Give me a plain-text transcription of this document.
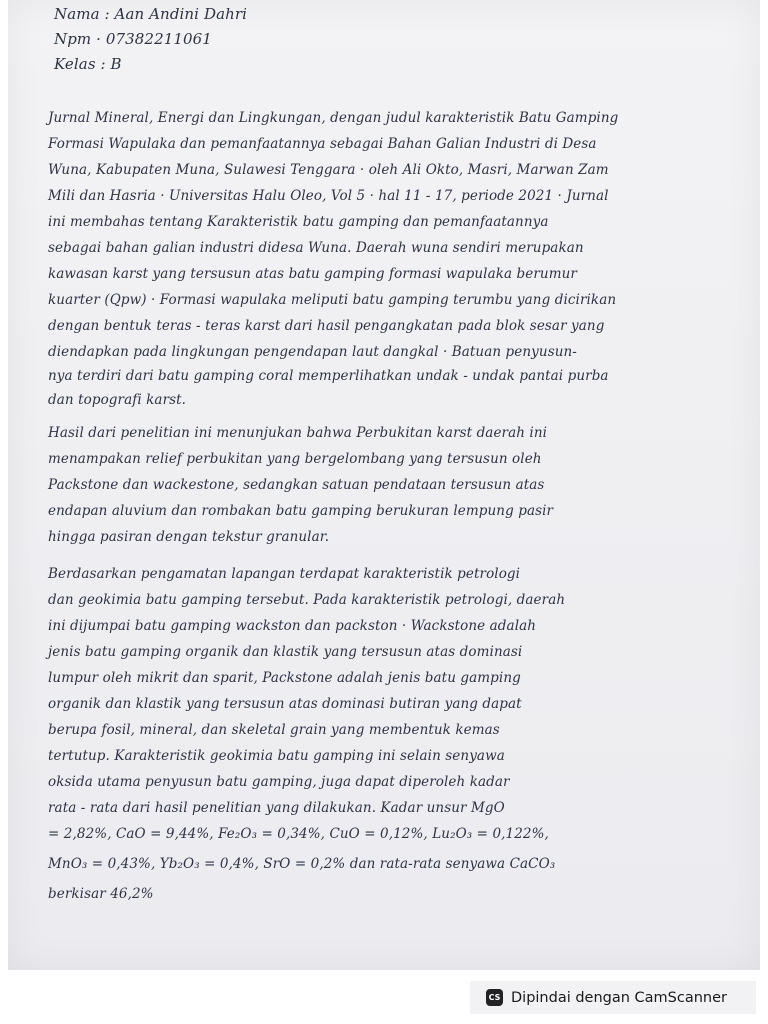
Nama : Aan Andini Dahri

Npm · 07382211061

Kelas : B

Jurnal Mineral, Energi dan Lingkungan, dengan judul karakteristik Batu Gamping

Formasi Wapulaka dan pemanfaatannya sebagai Bahan Galian Industri di Desa

Wuna, Kabupaten Muna, Sulawesi Tenggara · oleh Ali Okto, Masri, Marwan Zam

Mili dan Hasria · Universitas Halu Oleo, Vol 5 · hal 11 - 17, periode 2021 · Jurnal

ini membahas tentang Karakteristik batu gamping dan pemanfaatannya

sebagai bahan galian industri didesa Wuna. Daerah wuna sendiri merupakan

kawasan karst yang tersusun atas batu gamping formasi wapulaka berumur

kuarter (Qpw) · Formasi wapulaka meliputi batu gamping terumbu yang dicirikan

dengan bentuk teras - teras karst dari hasil pengangkatan pada blok sesar yang

diendapkan pada lingkungan pengendapan laut dangkal · Batuan penyusun-

nya terdiri dari batu gamping coral memperlihatkan undak - undak pantai purba

dan topografi karst.

Hasil dari penelitian ini menunjukan bahwa Perbukitan karst daerah ini

menampakan relief perbukitan yang bergelombang yang tersusun oleh

Packstone dan wackestone, sedangkan satuan pendataan tersusun atas

endapan aluvium dan rombakan batu gamping berukuran lempung pasir

hingga pasiran dengan tekstur granular.

Berdasarkan pengamatan lapangan terdapat karakteristik petrologi

dan geokimia batu gamping tersebut. Pada karakteristik petrologi, daerah

ini dijumpai batu gamping wackston dan packston · Wackstone adalah

jenis batu gamping organik dan klastik yang tersusun atas dominasi

lumpur oleh mikrit dan sparit, Packstone adalah jenis batu gamping

organik dan klastik yang tersusun atas dominasi butiran yang dapat

berupa fosil, mineral, dan skeletal grain yang membentuk kemas

tertutup. Karakteristik geokimia batu gamping ini selain senyawa

oksida utama penyusun batu gamping, juga dapat diperoleh kadar

rata - rata dari hasil penelitian yang dilakukan. Kadar unsur MgO

= 2,82%, CaO = 9,44%, Fe₂O₃ = 0,34%, CuO = 0,12%, Lu₂O₃ = 0,122%,

MnO₃ = 0,43%, Yb₂O₃ = 0,4%, SrO = 0,2% dan rata-rata senyawa CaCO₃

berkisar 46,2%

CS Dipindai dengan CamScanner
